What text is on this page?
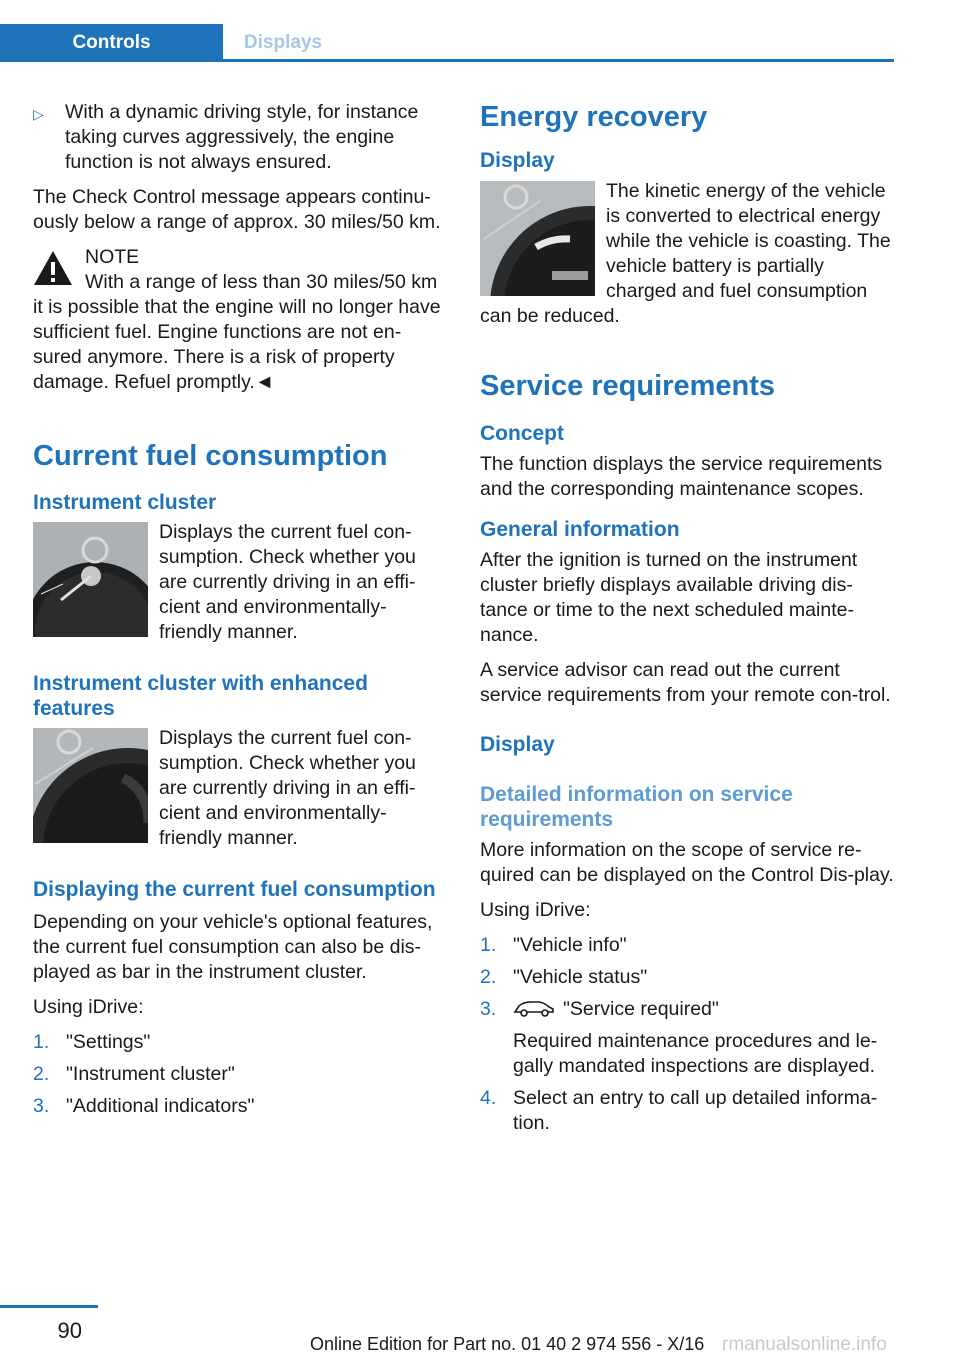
Controls	Displays
▷	With a dynamic driving style, for instance taking curves aggressively, the engine function is not always ensured.

The Check Control message appears continu-ously below a range of approx. 30 miles/50 km.

NOTE

With a range of less than 30 miles/50 km it is possible that the engine will no longer have sufficient fuel. Engine functions are not en-sured anymore. There is a risk of property damage. Refuel promptly.◄

Current fuel consumption
Instrument cluster

Displays the current fuel con-sumption. Check whether you are currently driving in an effi-cient and environmentally-friendly manner.

Instrument cluster with enhanced features

Displays the current fuel con-sumption. Check whether you are currently driving in an effi-cient and environmentally-friendly manner.

Displaying the current fuel consumption

Depending on your vehicle's optional features, the current fuel consumption can also be dis-played as bar in the instrument cluster.

Using iDrive:

1. "Settings"
2. "Instrument cluster"
3. "Additional indicators"
Energy recovery
Display

The kinetic energy of the vehicle is converted to electrical energy while the vehicle is coasting. The vehicle battery is partially charged and fuel consumption can be reduced.

Service requirements
Concept

The function displays the service requirements and the corresponding maintenance scopes.

General information

After the ignition is turned on the instrument cluster briefly displays available driving dis-tance or time to the next scheduled mainte-nance.

A service advisor can read out the current service requirements from your remote con-trol.

Display
Detailed information on service requirements

More information on the scope of service re-quired can be displayed on the Control Dis-play.

Using iDrive:

1. "Vehicle info"
2. "Vehicle status"
3.	"Service required"
Required maintenance procedures and le-gally mandated inspections are displayed.
4. Select an entry to call up detailed informa-tion.
90
Online Edition for Part no. 01 40 2 974 556 - X/16 rmanualsonline.info
